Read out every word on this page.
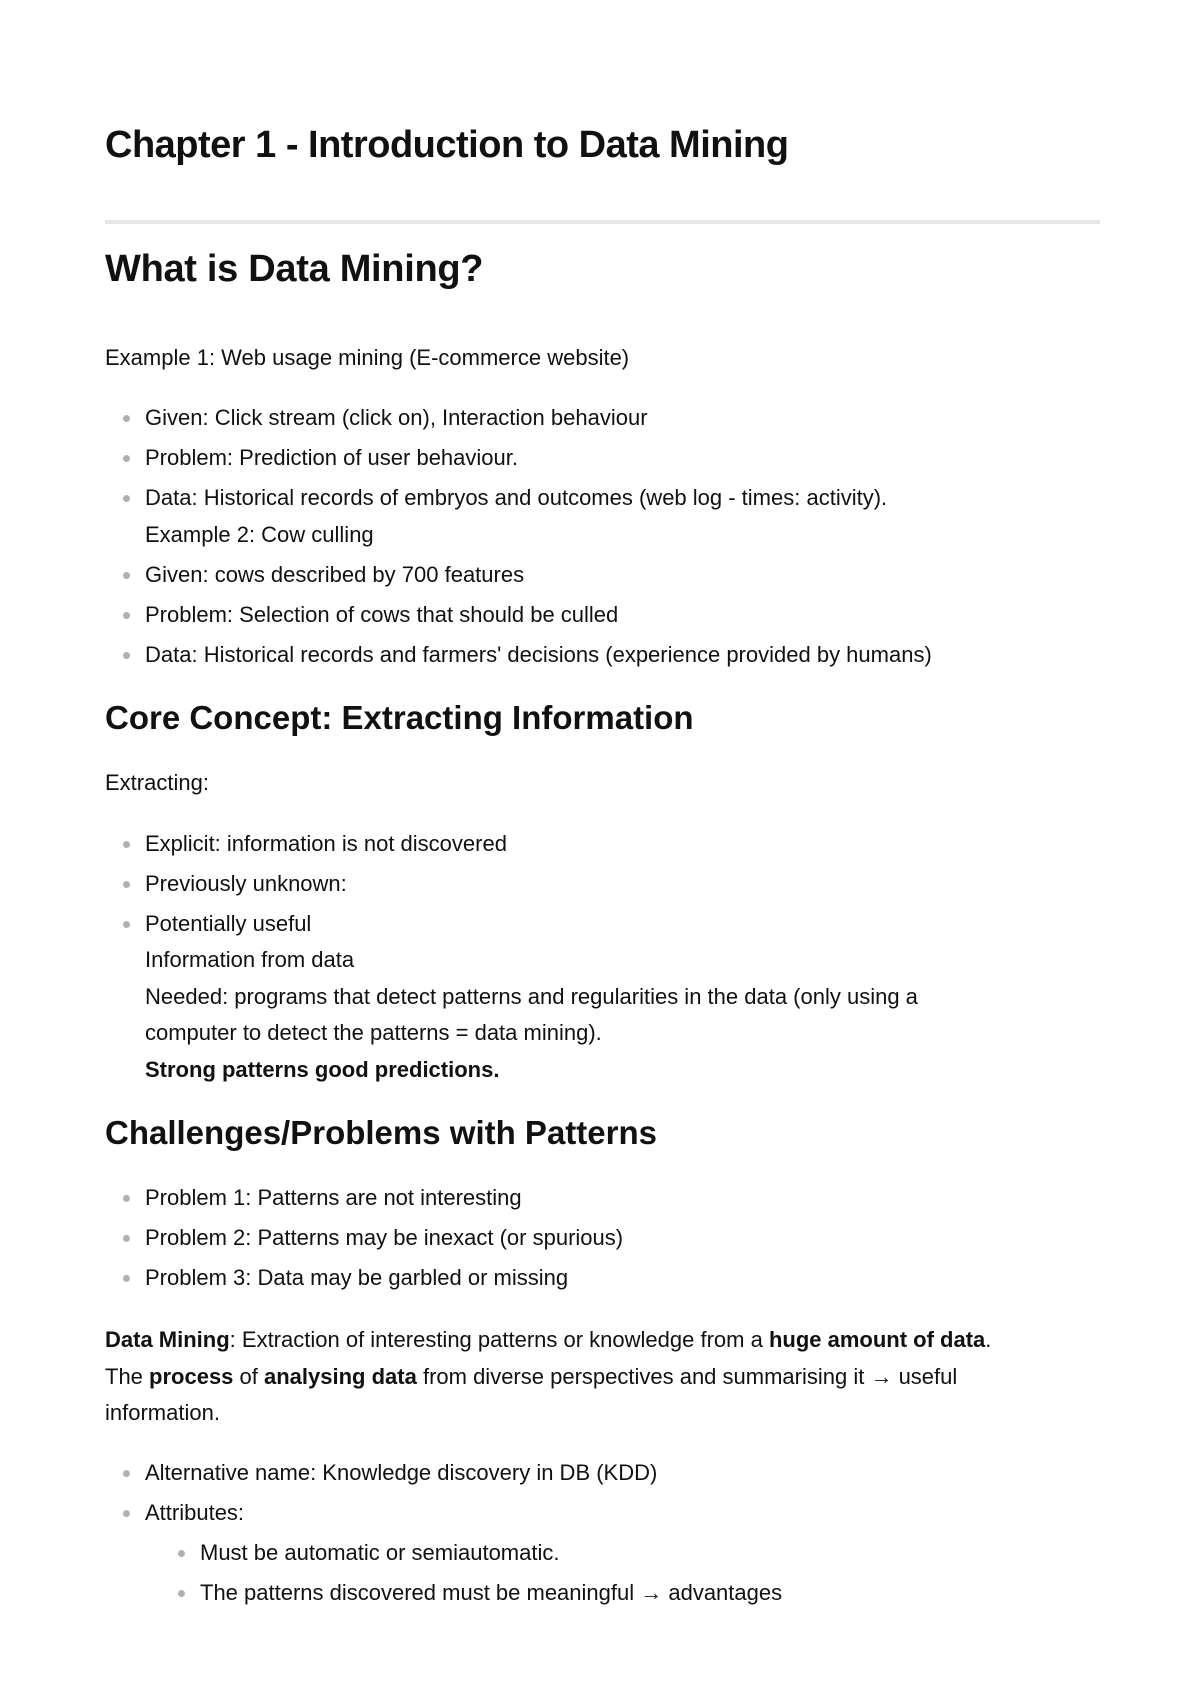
Chapter 1 - Introduction to Data Mining
What is Data Mining?
Example 1: Web usage mining (E-commerce website)
Given: Click stream (click on), Interaction behaviour
Problem: Prediction of user behaviour.
Data: Historical records of embryos and outcomes (web log - times: activity).
Example 2: Cow culling
Given: cows described by 700 features
Problem: Selection of cows that should be culled
Data: Historical records and farmers' decisions (experience provided by humans)
Core Concept: Extracting Information
Extracting:
Explicit: information is not discovered
Previously unknown:
Potentially useful
Information from data
Needed: programs that detect patterns and regularities in the data (only using a
computer to detect the patterns = data mining).
Strong patterns good predictions.
Challenges/Problems with Patterns
Problem 1: Patterns are not interesting
Problem 2: Patterns may be inexact (or spurious)
Problem 3: Data may be garbled or missing
Data Mining: Extraction of interesting patterns or knowledge from a huge amount of data.
The process of analysing data from diverse perspectives and summarising it → useful
information.
Alternative name: Knowledge discovery in DB (KDD)
Attributes:
Must be automatic or semiautomatic.
The patterns discovered must be meaningful → advantages
